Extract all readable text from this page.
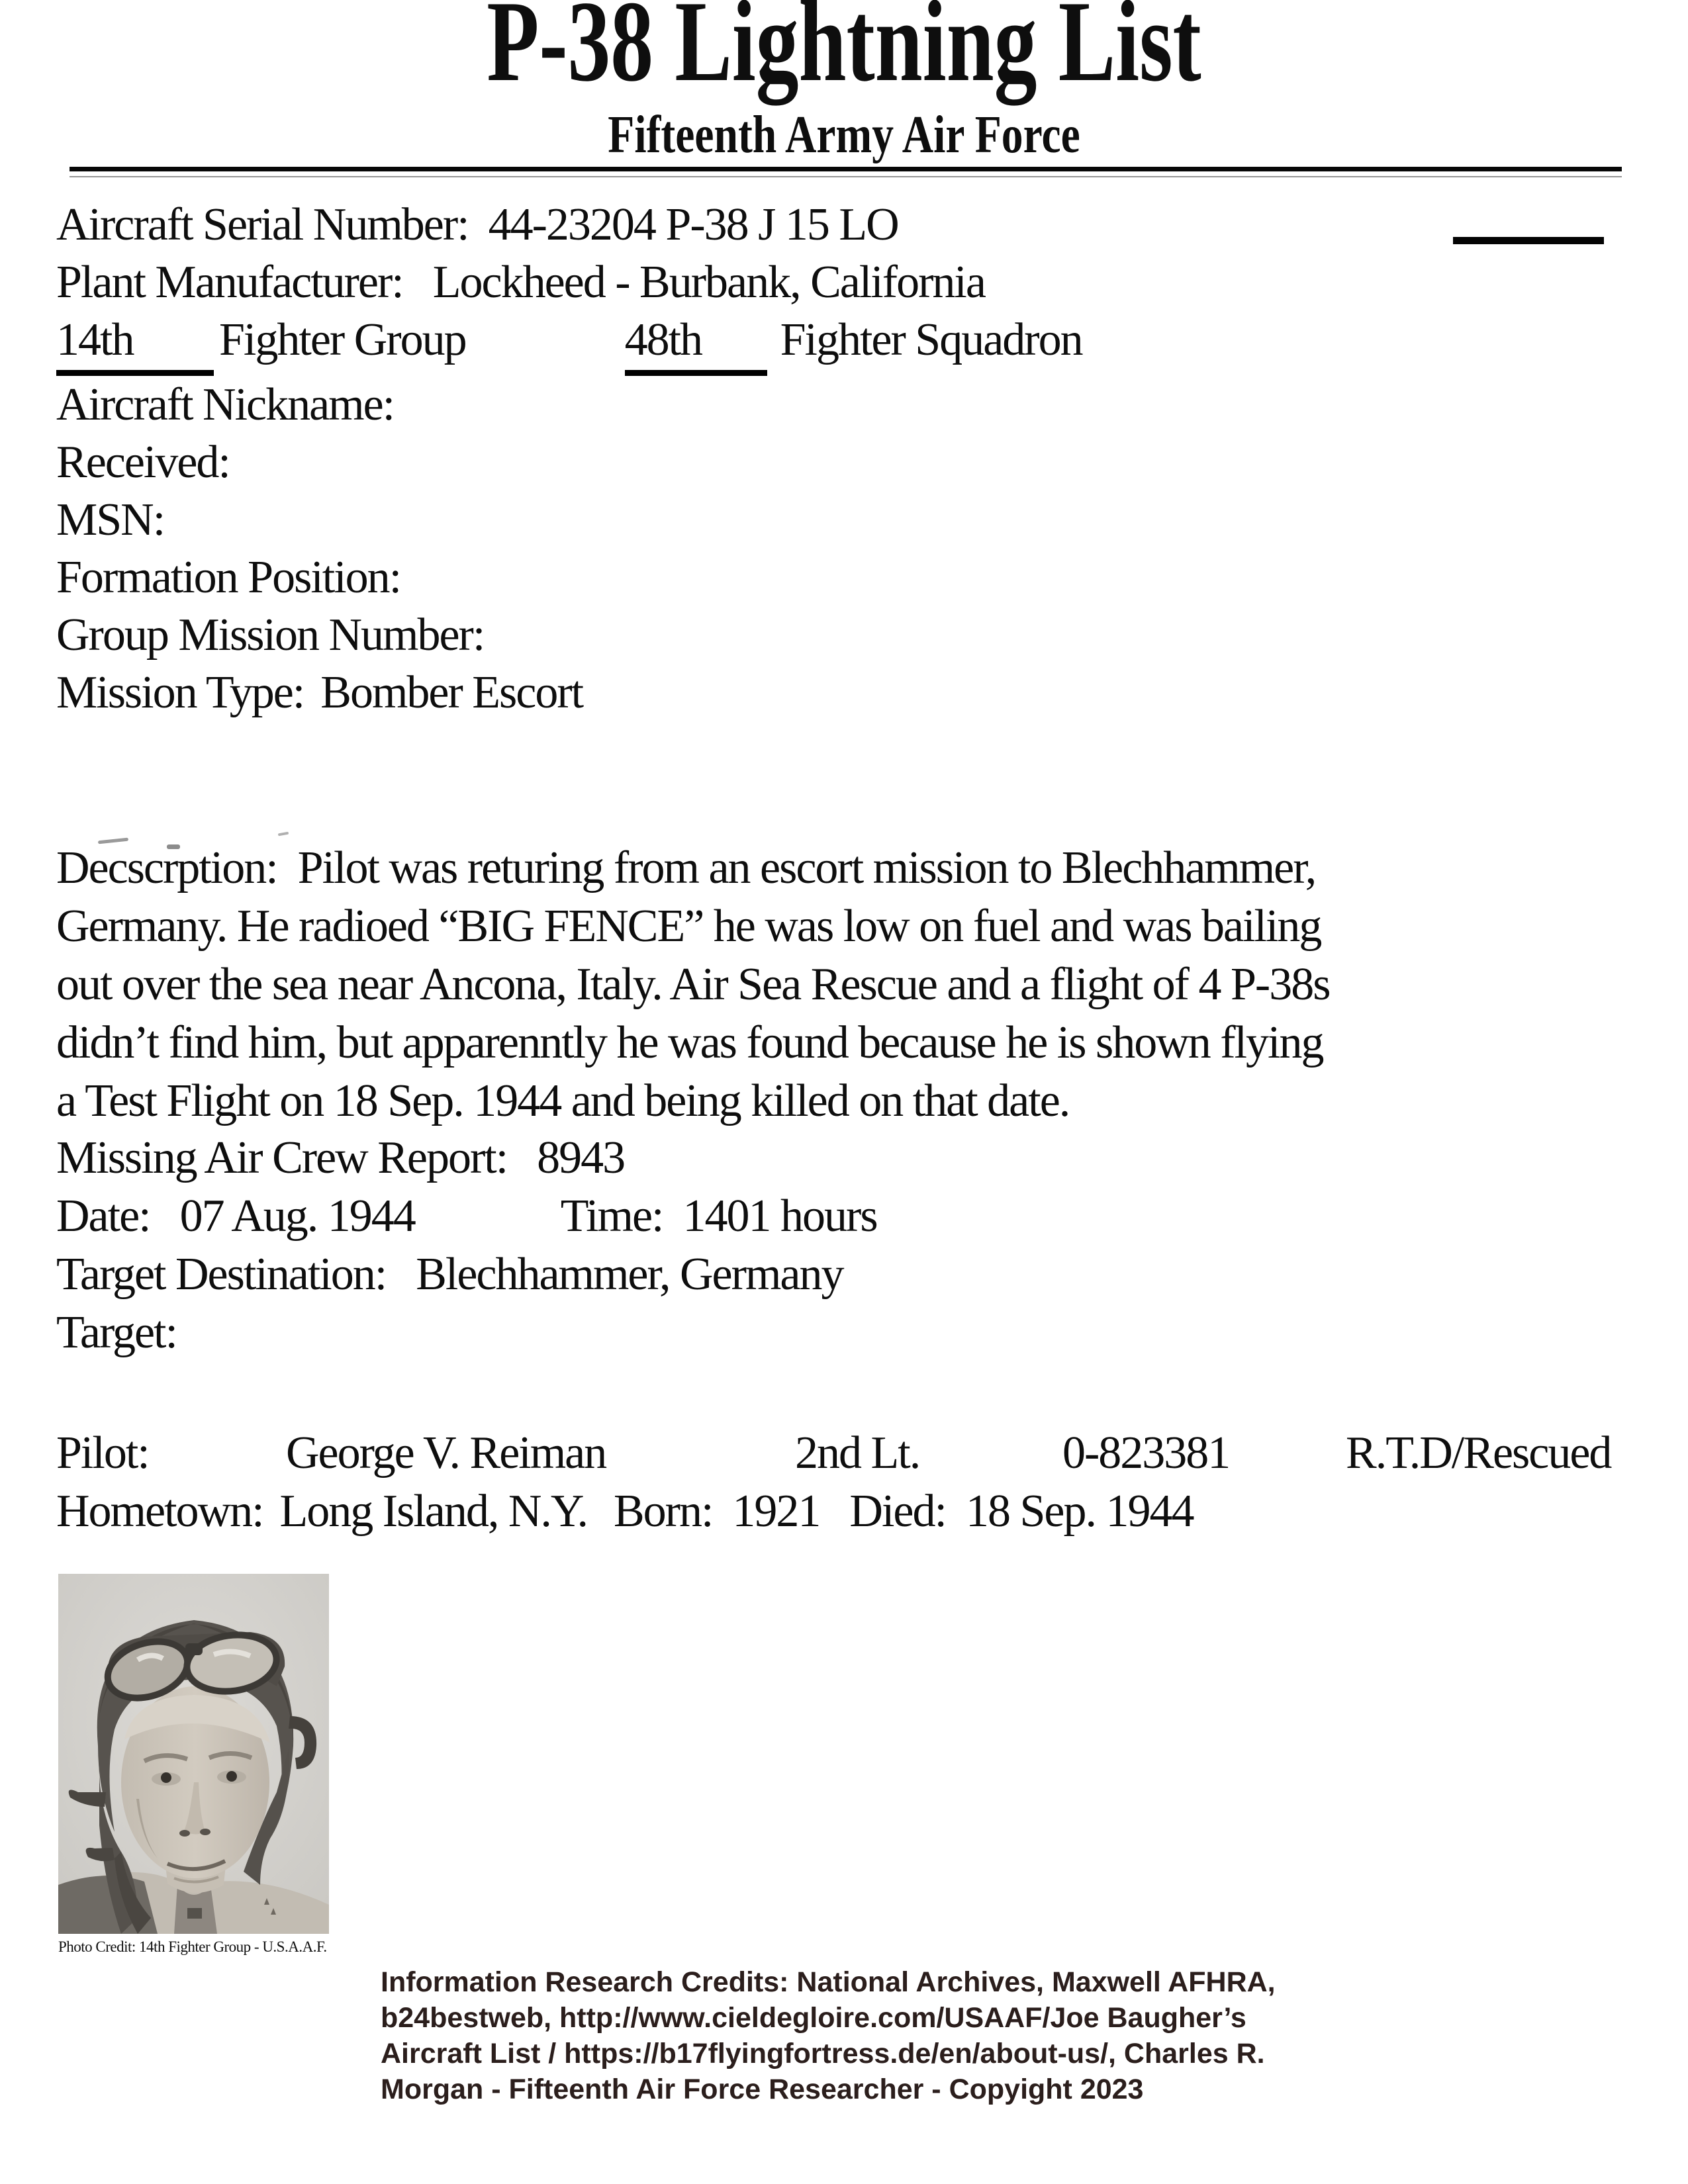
P-38 Lightning List
Fifteenth Army Air Force
Aircraft Serial Number: 44-23204 P-38 J 15 LO
Plant Manufacturer: Lockheed - Burbank, California
14th Fighter Group	48th Fighter Squadron
Aircraft Nickname:
Received:
MSN:
Formation Position:
Group Mission Number:
Mission Type: Bomber Escort
Decscrption:  Pilot was returing from an escort mission to Blechhammer,
Germany. He radioed “BIG FENCE” he was low on fuel and was bailing
out over the sea near Ancona, Italy. Air Sea Rescue and a flight of 4 P-38s
didn’t find him, but apparenntly he was found because he is shown flying
a Test Flight on 18 Sep. 1944 and being killed on that date.
Missing Air Crew Report: 8943
Date: 07 Aug. 1944	Time: 1401 hours
Target Destination: Blechhammer, Germany
Target:
Pilot:	George V. Reiman	2nd Lt.	0-823381	R.T.D/Rescued
Hometown: Long Island, N.Y. Born: 1921 Died: 18 Sep. 1944
Photo Credit: 14th Fighter Group - U.S.A.A.F.
Information Research Credits: National Archives, Maxwell AFHRA,
b24bestweb, http://www.cieldegloire.com/USAAF/Joe Baugher’s
Aircraft List / https://b17flyingfortress.de/en/about-us/, Charles R.
Morgan - Fifteenth Air Force Researcher - Copyight 2023
